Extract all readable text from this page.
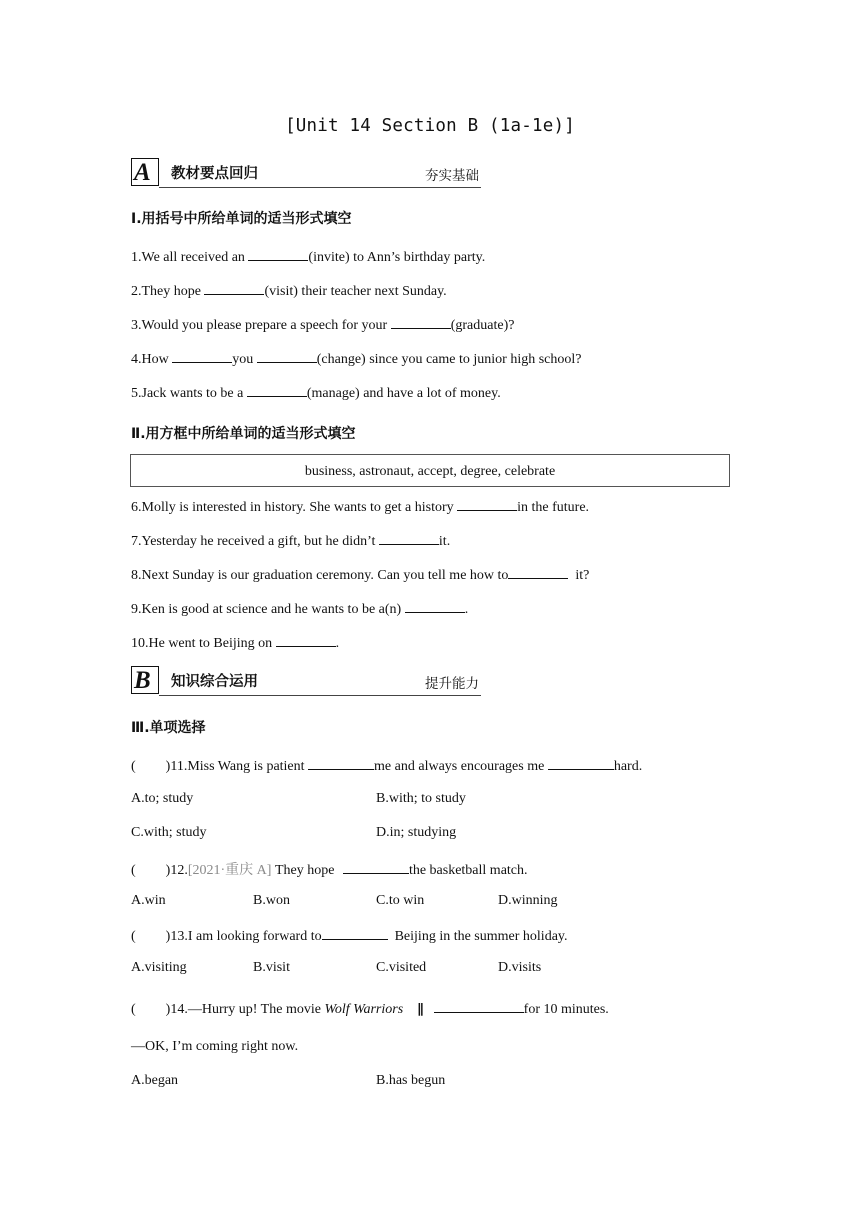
[Unit 14 Section B (1a-1e)]
A 教材要点回归	夯实基础
Ⅰ.用括号中所给单词的适当形式填空
1.We all received an	(invite) to Ann’s birthday party.
2.They hope	(visit) their teacher next Sunday.
3.Would you please prepare a speech for your	(graduate)?
4.How	you	(change) since you came to junior high school?
5.Jack wants to be a	(manage) and have a lot of money.
Ⅱ.用方框中所给单词的适当形式填空
business, astronaut, accept, degree, celebrate
6.Molly is interested in history. She wants to get a history	in the future.
7.Yesterday he received a gift, but he didn’t	it.
8.Next Sunday is our graduation ceremony. Can you tell me how to	it?
9.Ken is good at science and he wants to be a(n)	.
10.He went to Beijing on	.
B 知识综合运用	提升能力
Ⅲ.单项选择
( )11.Miss Wang is patient	me and always encourages me	hard.
A.to; study	B.with; to study
C.with; study	D.in; studying
( )12.[2021·重庆 A] They hope	the basketball match.
A.win	B.won	C.to win	D.winning
( )13.I am looking forward to	Beijing in the summer holiday.
A.visiting	B.visit	C.visited	D.visits
( )14.—Hurry up! The movie Wolf Warriors ∥	for 10 minutes.
—OK, I’m coming right now.
A.began	B.has begun
